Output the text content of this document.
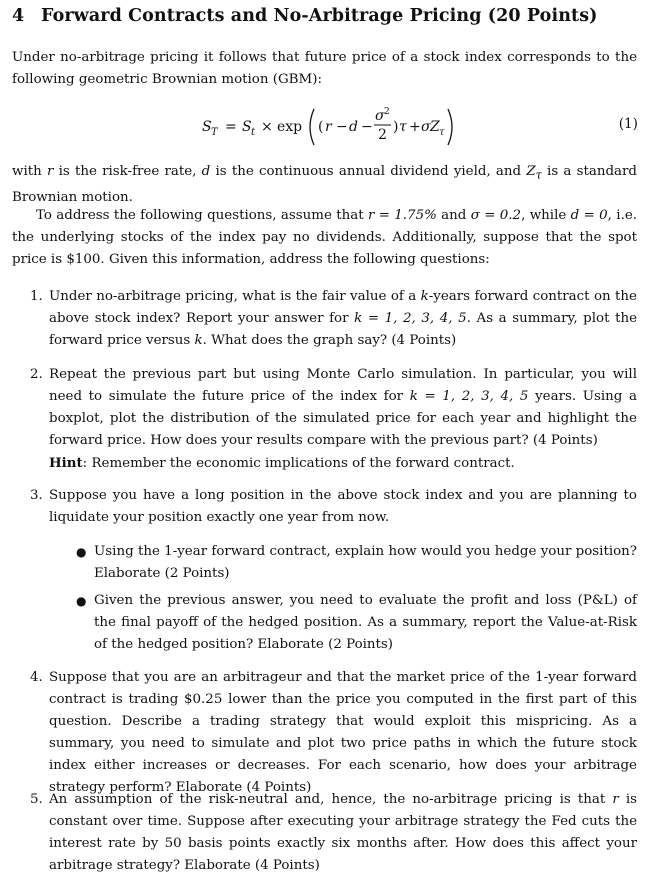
4 Forward Contracts and No-Arbitrage Pricing (20 Points)

Under no-arbitrage pricing it follows that future price of a stock index corresponds to the following geometric Brownian motion (GBM):

S T = S t × exp ( r − d −
σ 2
2 ) τ + σ Z τ
(1)

with r is the risk-free rate, d is the continuous annual dividend yield, and $Z_\tau$ is a standard Brownian motion.

To address the following questions, assume that r = 1.75% and σ = 0.2, while d = 0, i.e. the underlying stocks of the index pay no dividends. Additionally, suppose that the spot price is $100. Given this information, address the following questions:

1. Under no-arbitrage pricing, what is the fair value of a k-years forward contract on the above stock index? Report your answer for k = 1, 2, 3, 4, 5. As a summary, plot the forward price versus k. What does the graph say? (4 Points)
2. Repeat the previous part but using Monte Carlo simulation. In particular, you will need to simulate the future price of the index for k = 1, 2, 3, 4, 5 years. Using a boxplot, plot the distribution of the simulated price for each year and highlight the forward price. How does your results compare with the previous part? (4 Points)
Hint: Remember the economic implications of the forward contract.
3. Suppose you have a long position in the above stock index and you are planning to liquidate your position exactly one year from now.
● Using the 1-year forward contract, explain how would you hedge your position? Elaborate (2 Points)
● Given the previous answer, you need to evaluate the profit and loss (P&L) of the final payoff of the hedged position. As a summary, report the Value-at-Risk of the hedged position? Elaborate (2 Points)
4. Suppose that you are an arbitrageur and that the market price of the 1-year forward contract is trading $0.25 lower than the price you computed in the first part of this question. Describe a trading strategy that would exploit this mispricing. As a summary, you need to simulate and plot two price paths in which the future stock index either increases or decreases. For each scenario, how does your arbitrage strategy perform? Elaborate (4 Points)
5. An assumption of the risk-neutral and, hence, the no-arbitrage pricing is that r is constant over time. Suppose after executing your arbitrage strategy the Fed cuts the interest rate by 50 basis points exactly six months after. How does this affect your arbitrage strategy? Elaborate (4 Points)
